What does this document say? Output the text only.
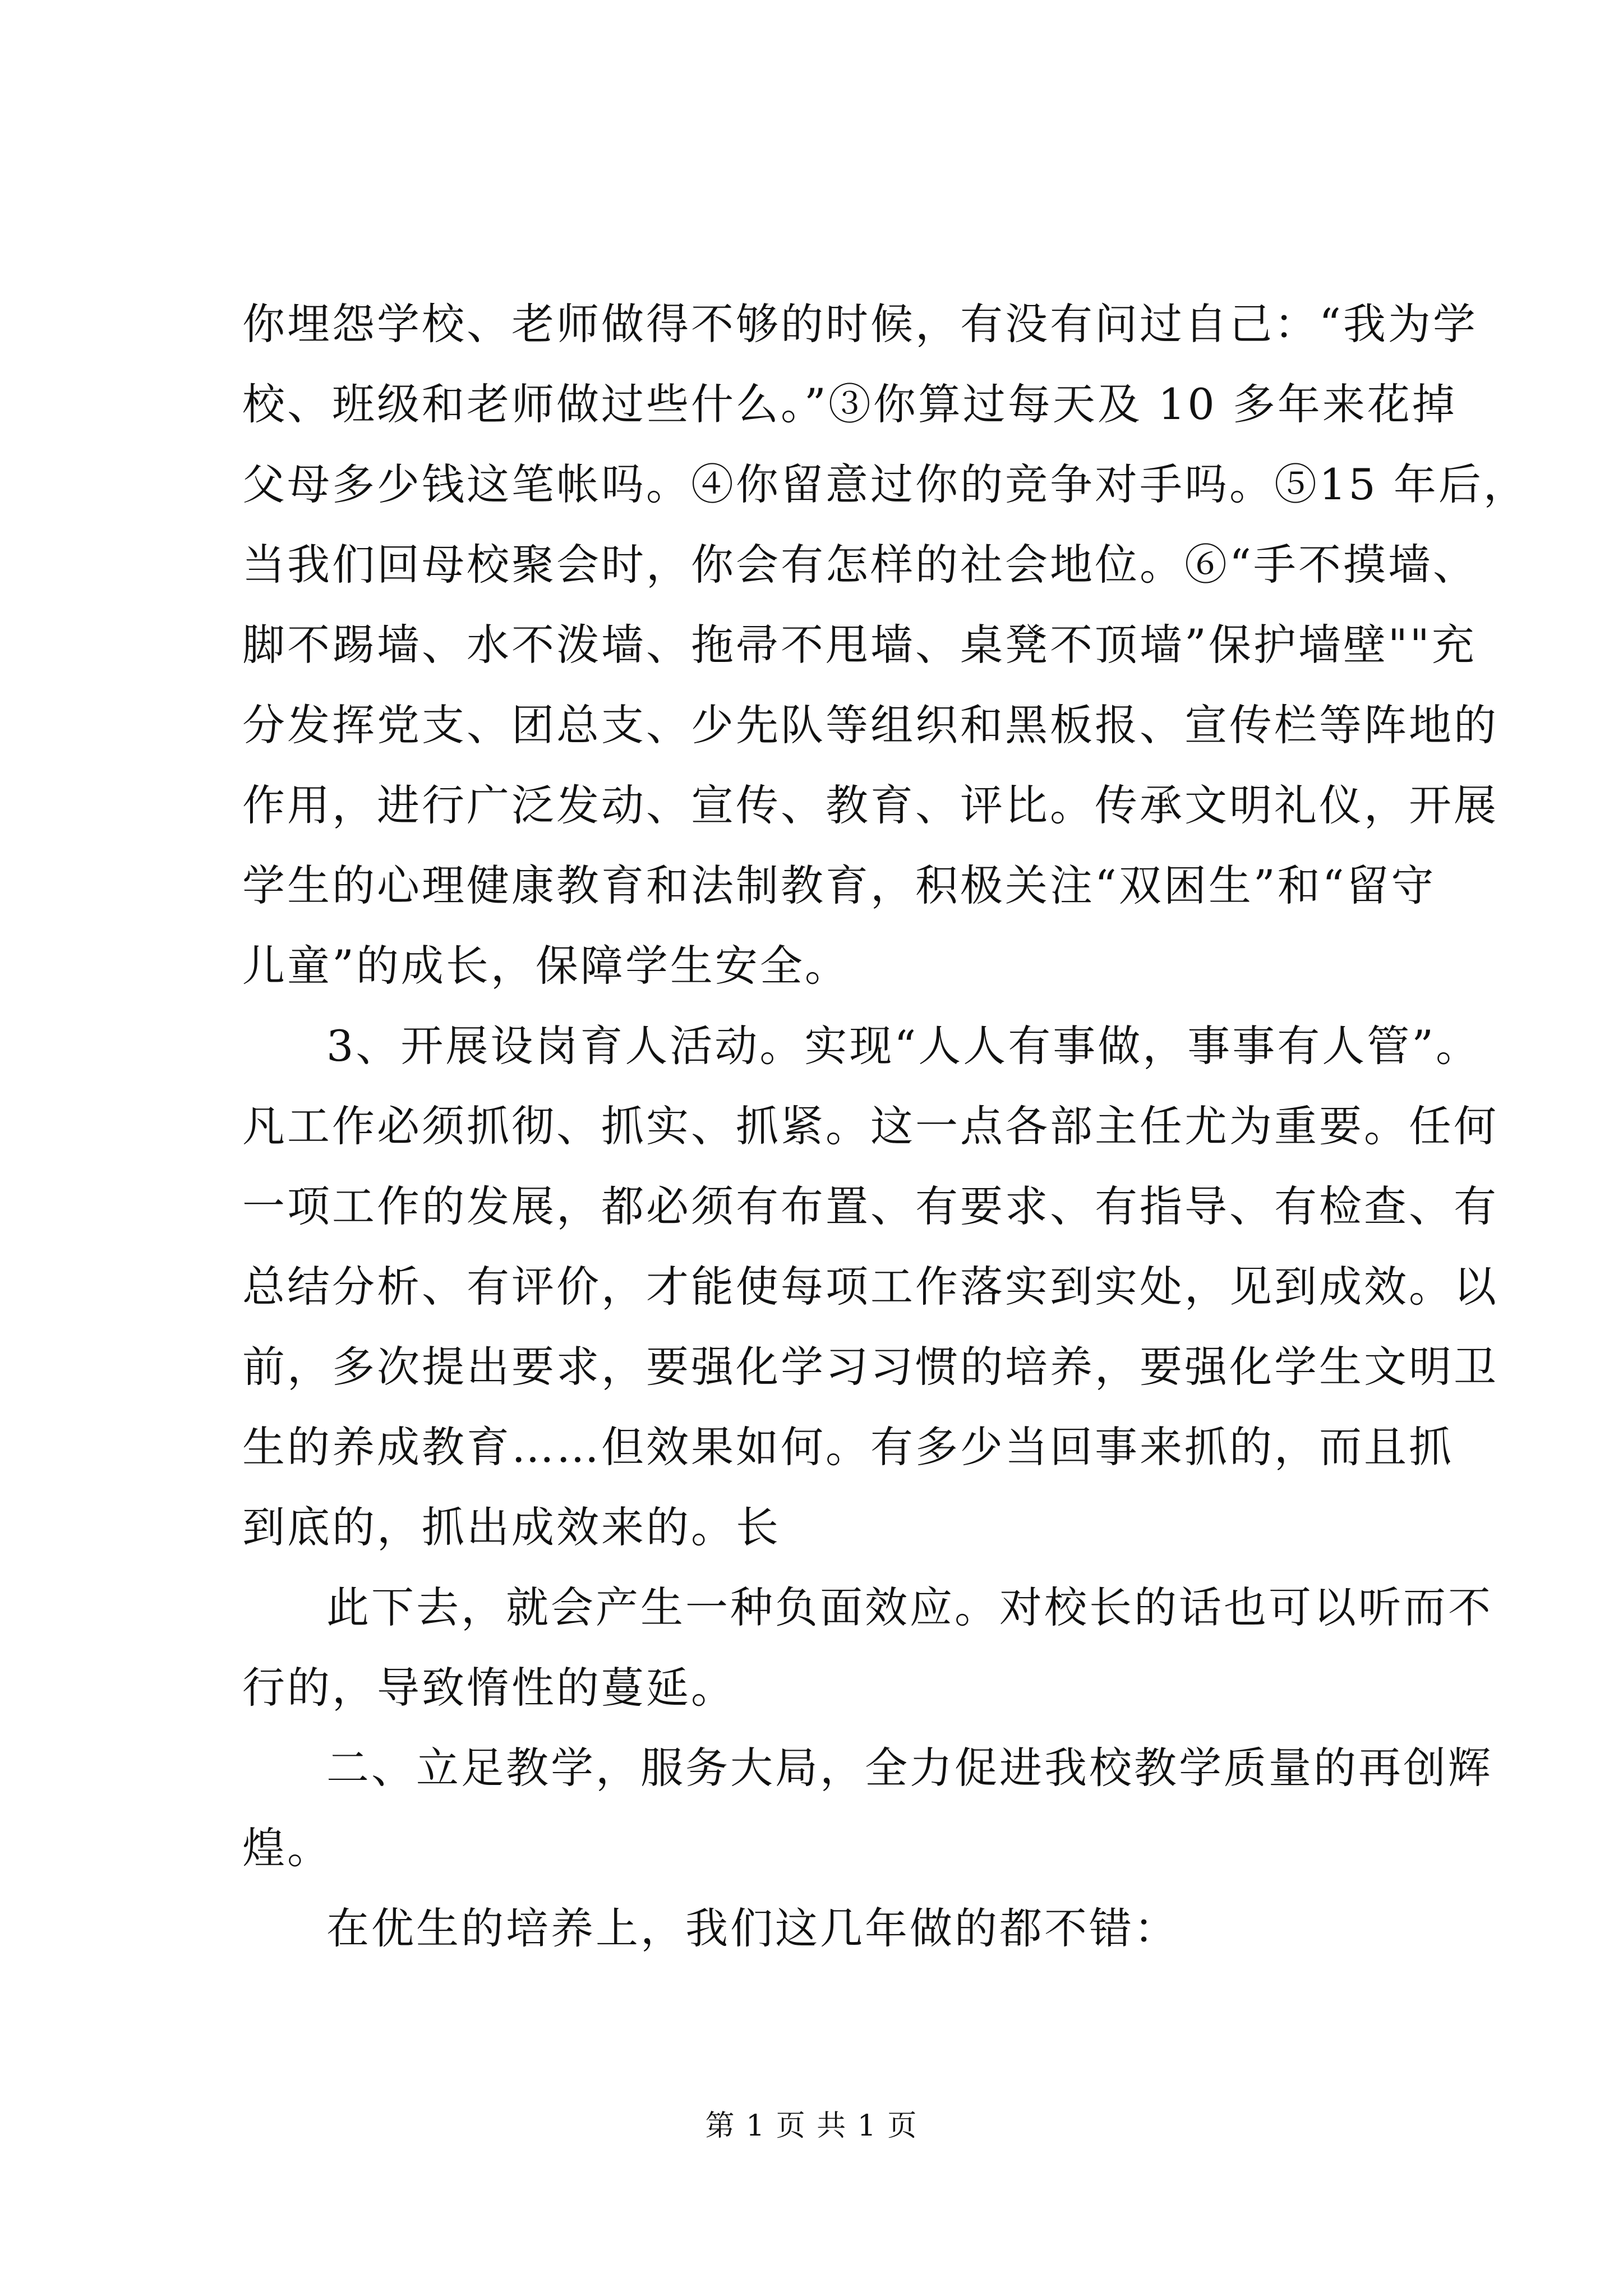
你埋怨学校、老师做得不够的时候，有没有问过自己：“我为学
校、班级和老师做过些什么。”③你算过每天及 10 多年来花掉
父母多少钱这笔帐吗。④你留意过你的竞争对手吗。⑤15 年后，
当我们回母校聚会时，你会有怎样的社会地位。⑥“手不摸墙、
脚不踢墙、水不泼墙、拖帚不甩墙、桌凳不顶墙”保护墙壁""充
分发挥党支、团总支、少先队等组织和黑板报、宣传栏等阵地的
作用，进行广泛发动、宣传、教育、评比。传承文明礼仪，开展
学生的心理健康教育和法制教育，积极关注“双困生”和“留守
儿童”的成长，保障学生安全。
3、开展设岗育人活动。实现“人人有事做，事事有人管”。
凡工作必须抓彻、抓实、抓紧。这一点各部主任尤为重要。任何
一项工作的发展，都必须有布置、有要求、有指导、有检查、有
总结分析、有评价，才能使每项工作落实到实处，见到成效。以
前，多次提出要求，要强化学习习惯的培养，要强化学生文明卫
生的养成教育……但效果如何。有多少当回事来抓的，而且抓
到底的，抓出成效来的。长
此下去，就会产生一种负面效应。对校长的话也可以听而不
行的，导致惰性的蔓延。
二、立足教学，服务大局，全力促进我校教学质量的再创辉
煌。
在优生的培养上，我们这几年做的都不错：
第 1 页 共 1 页
